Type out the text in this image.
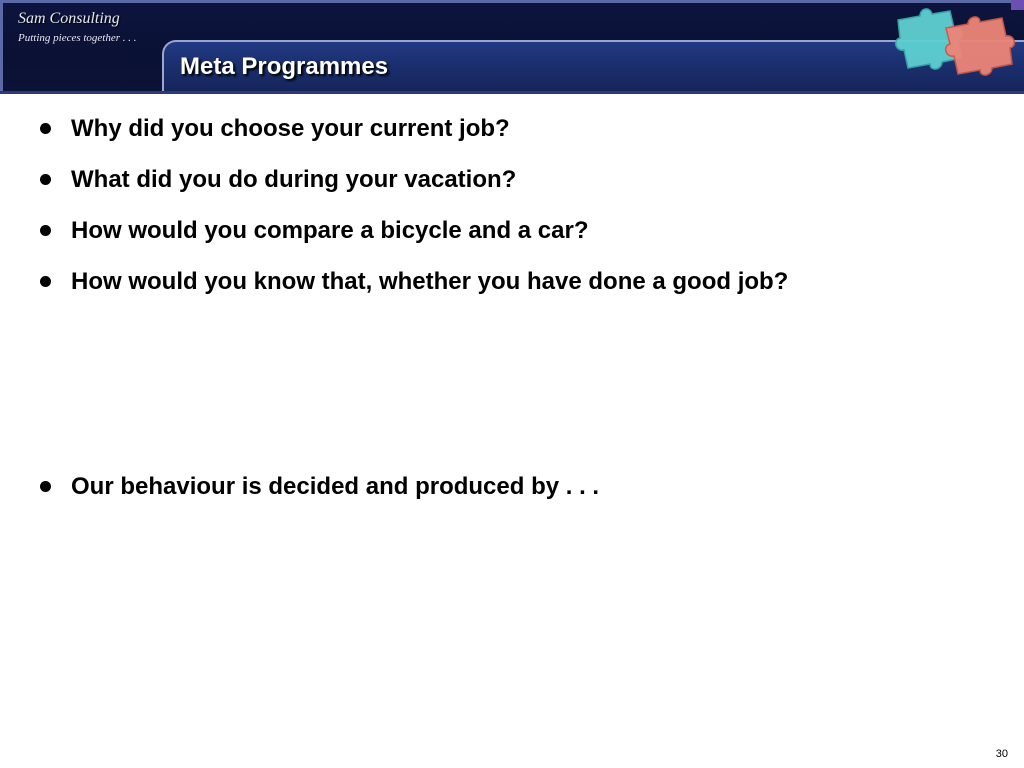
Sam Consulting
Putting pieces together . . .
Meta Programmes
Why did you choose your current job?
What did you do during your vacation?
How would you compare a bicycle and a car?
How would you know that, whether you have done a good job?
Our behaviour is decided and produced by . . .
30
